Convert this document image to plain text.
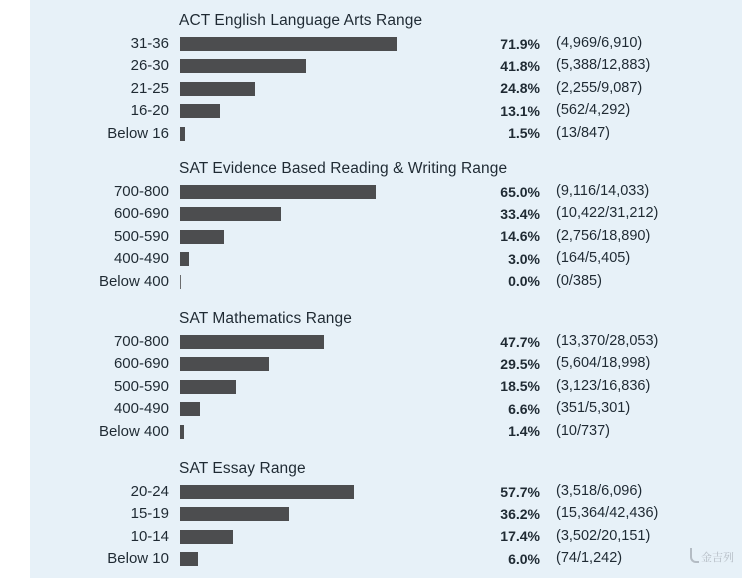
ACT English Language Arts Range
31-36	71.9% (4,969/6,910)
26-30	41.8% (5,388/12,883)
21-25	24.8% (2,255/9,087)
16-20	13.1% (562/4,292)
Below 16	1.5% (13/847)
SAT Evidence Based Reading & Writing Range
700-800	65.0% (9,116/14,033)
600-690	33.4% (10,422/31,212)
500-590	14.6% (2,756/18,890)
400-490	3.0% (164/5,405)
Below 400	0.0% (0/385)
SAT Mathematics Range
700-800	47.7% (13,370/28,053)
600-690	29.5% (5,604/18,998)
500-590	18.5% (3,123/16,836)
400-490	6.6% (351/5,301)
Below 400	1.4% (10/737)
SAT Essay Range
20-24	57.7% (3,518/6,096)
15-19	36.2% (15,364/42,436)
10-14	17.4% (3,502/20,151)
Below 10	6.0% (74/1,242)	金吉列
